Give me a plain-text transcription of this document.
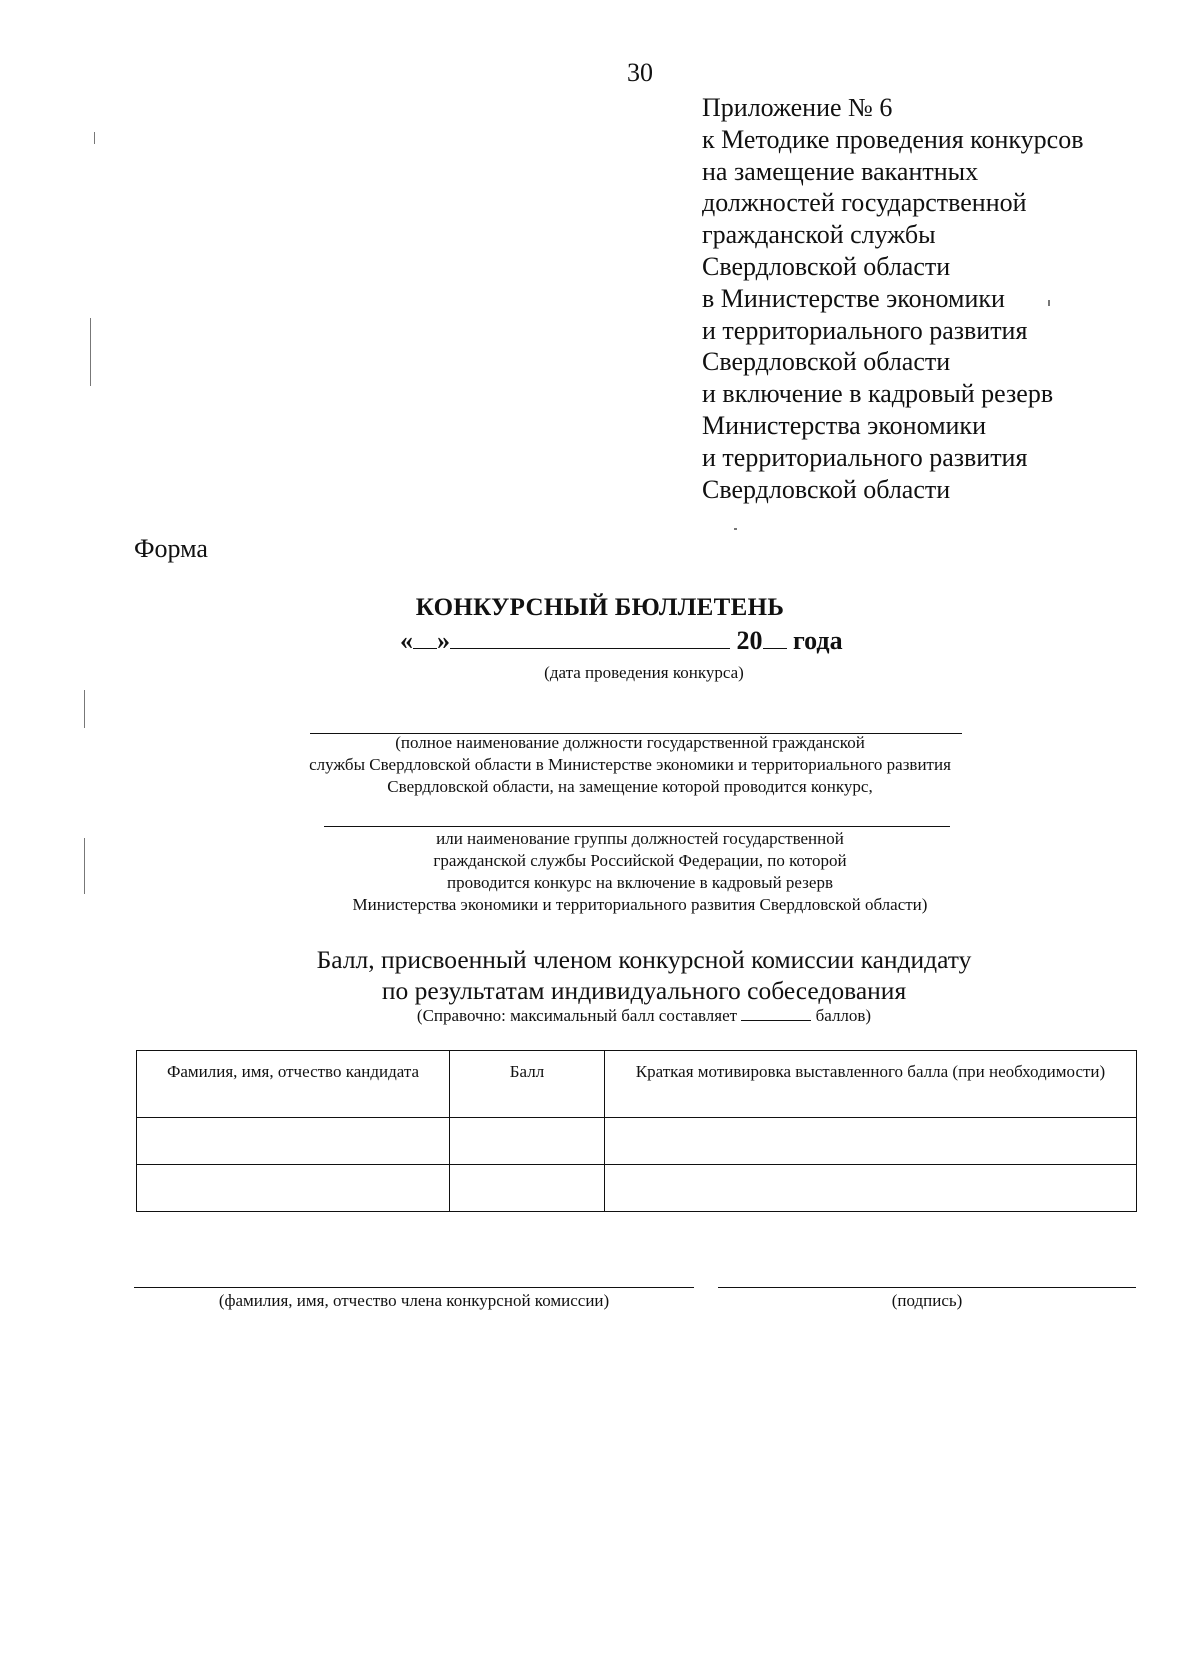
30
Приложение № 6
к Методике проведения конкурсов
на замещение вакантных
должностей государственной
гражданской службы
Свердловской области
в Министерстве экономики
и территориального развития
Свердловской области
и включение в кадровый резерв
Министерства экономики
и территориального развития
Свердловской области
Форма
КОНКУРСНЫЙ БЮЛЛЕТЕНЬ
« »	20 года
(дата проведения конкурса)
(полное наименование должности государственной гражданской
службы Свердловской области в Министерстве экономики и территориального развития
Свердловской области, на замещение которой проводится конкурс,
или наименование группы должностей государственной
гражданской службы Российской Федерации, по которой
проводится конкурс на включение в кадровый резерв
Министерства экономики и территориального развития Свердловской области)
Балл, присвоенный членом конкурсной комиссии кандидату
по результатам индивидуального собеседования
(Справочно: максимальный балл составляет	баллов)
Фамилия, имя, отчество кандидата	Балл	Краткая мотивировка выставленного балла (при необходимости)

(фамилия, имя, отчество члена конкурсной комиссии)	(подпись)
